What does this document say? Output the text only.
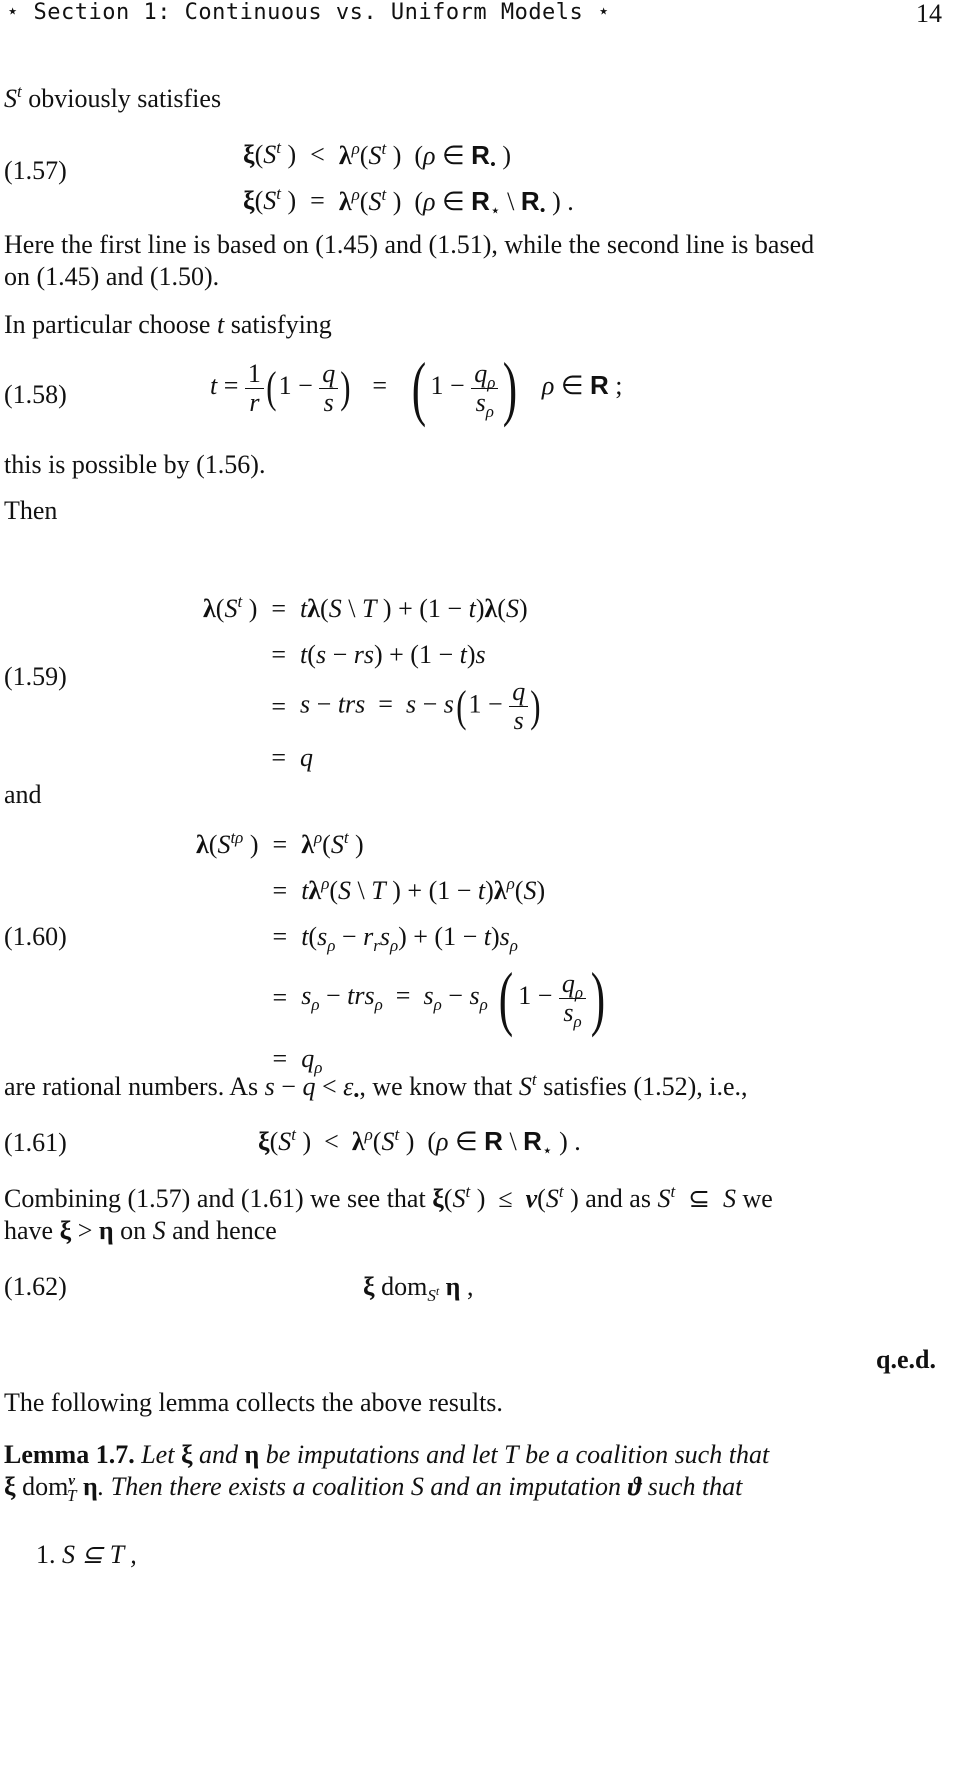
⋆ Section 1: Continuous vs. Uniform Models ⋆	14
$S^t$ obviously satisfies
(1.57)
$\xi(S^t$ )	<	$\lambda^\rho(S^t$ )  (ρ ∈ $R_•$ )
$\xi(S^t$ )	=	$\lambda^\rho(S^t$ )  (ρ ∈ $R_⋆$ \ $R_•$ ) .
Here the first line is based on (1.45) and (1.51), while the second line is based
on (1.45) and (1.50).
In particular choose t satisfying
(1.58)	$t = \frac{1}{r} (1 - \frac{q}{s}$ )   =   ( $1 - \frac{q_\rho}{s_\rho}$ ) ρ ∈ R ;
this is possible by (1.56).
Then
(1.59)
$\lambda(S^t$ )	=	tλ(S \ T ) + (1 − t)λ(S)
	=	t(s − rs) + (1 − t)s
	=	s − trs  =  $s - s(1 - \frac{q}{s}$ )
	=	q
and
(1.60)
$\lambda(S^{t\rho}$ )	=	$\lambda^\rho(S^t$ )
	=	$t\lambda^\rho(S$ \ T ) + $(1 - t)\lambda^\rho(S)$
	=	$t(s_\rho - r_rs_\rho) + (1 - t)s_\rho$
	=	$s_\rho - trs_\rho = s_\rho - s_\rho$ ( $1 - \frac{q_\rho}{s_\rho}$ )
	=	$q_\rho$
are rational numbers. As $s - q < \varepsilon_•$, we know that $S^t$ satisfies (1.52), i.e.,
(1.61)	$\xi(S^t$ )  <  $\lambda^\rho(S^t$ )  (ρ ∈ R \ $R_⋆$ ) .
Combining (1.57) and (1.61) we see that $\xi(S^t$ )  ≤  $v(S^t$ ) and as $S^t$  ⊆  S we
have ξ > η on S and hence
(1.62)	ξ dom$_{S^t}$ η ,
q.e.d.
The following lemma collects the above results.
Lemma 1.7. Let ξ and η be imputations and let T be a coalition such that
ξ dom$^v_T$ η. Then there exists a coalition S and an imputation ϑ such that
1. S ⊆ T ,
